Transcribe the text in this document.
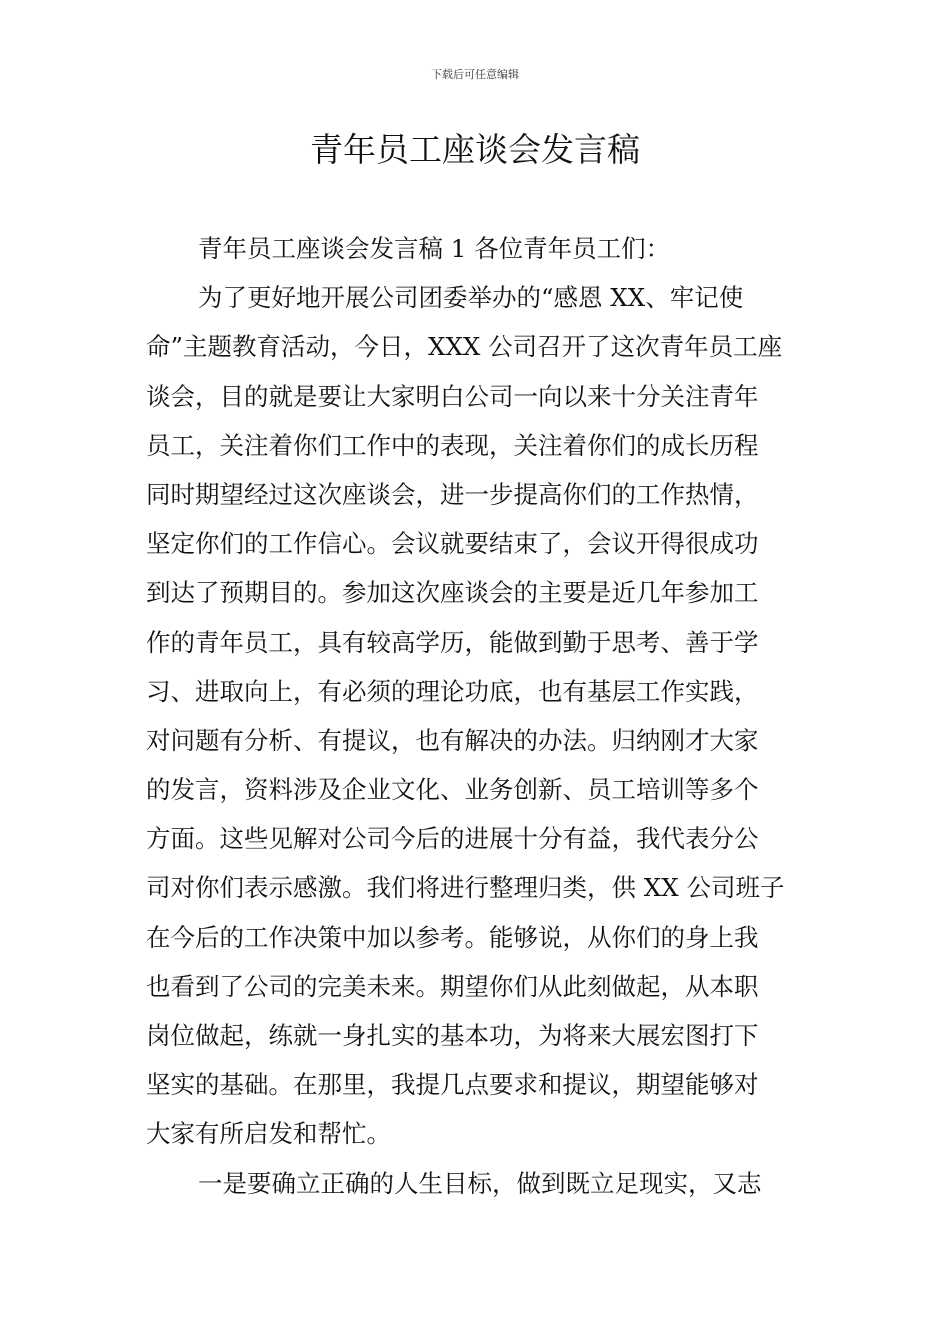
下载后可任意编辑
青年员工座谈会发言稿
青年员工座谈会发言稿 1 各位青年员工们：
为了更好地开展公司团委举办的“感恩 XX、牢记使
命”主题教育活动，今日，XXX 公司召开了这次青年员工座
谈会，目的就是要让大家明白公司一向以来十分关注青年
员工，关注着你们工作中的表现，关注着你们的成长历程
同时期望经过这次座谈会，进一步提高你们的工作热情，
坚定你们的工作信心。会议就要结束了，会议开得很成功
到达了预期目的。参加这次座谈会的主要是近几年参加工
作的青年员工，具有较高学历，能做到勤于思考、善于学
习、进取向上，有必须的理论功底，也有基层工作实践，
对问题有分析、有提议，也有解决的办法。归纳刚才大家
的发言，资料涉及企业文化、业务创新、员工培训等多个
方面。这些见解对公司今后的进展十分有益，我代表分公
司对你们表示感激。我们将进行整理归类，供 XX 公司班子
在今后的工作决策中加以参考。能够说，从你们的身上我
也看到了公司的完美未来。期望你们从此刻做起，从本职
岗位做起，练就一身扎实的基本功，为将来大展宏图打下
坚实的基础。在那里，我提几点要求和提议，期望能够对
大家有所启发和帮忙。
一是要确立正确的人生目标，做到既立足现实，又志
